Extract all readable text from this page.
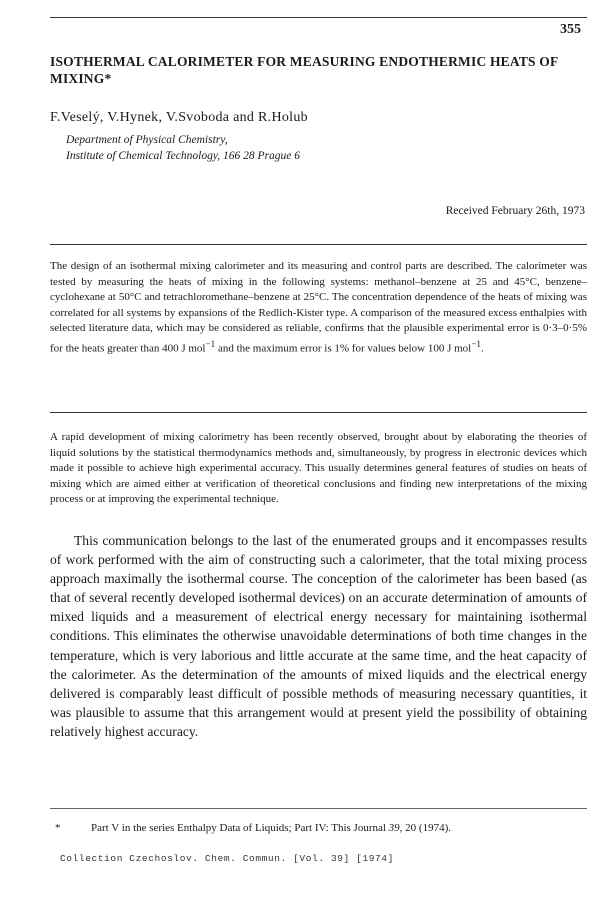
355
ISOTHERMAL CALORIMETER FOR MEASURING ENDOTHERMIC HEATS OF MIXING*
F.Veselý, V.Hynek, V.Svoboda and R.Holub
Department of Physical Chemistry,
Institute of Chemical Technology, 166 28 Prague 6
Received February 26th, 1973
The design of an isothermal mixing calorimeter and its measuring and control parts are described. The calorimeter was tested by measuring the heats of mixing in the following systems: methanol–benzene at 25 and 45°C, benzene–cyclohexane at 50°C and tetrachloromethane–benzene at 25°C. The concentration dependence of the heats of mixing was correlated for all systems by expansions of the Redlich-Kister type. A comparison of the measured excess enthalpies with selected literature data, which may be considered as reliable, confirms that the plausible experimental error is 0·3–0·5% for the heats greater than 400 J mol$^{-1}$ and the maximum error is 1% for values below 100 J mol$^{-1}$.
A rapid development of mixing calorimetry has been recently observed, brought about by elaborating the theories of liquid solutions by the statistical thermodynamics methods and, simultaneously, by progress in electronic devices which made it possible to achieve high experimental accuracy. This usually determines general features of studies on heats of mixing which are aimed either at verification of theoretical conclusions and finding new interpretations of the mixing process or at improving the experimental technique.
This communication belongs to the last of the enumerated groups and it encompasses results of work performed with the aim of constructing such a calorimeter, that the total mixing process approach maximally the isothermal course. The conception of the calorimeter has been based (as that of several recently developed isothermal devices) on an accurate determination of amounts of mixed liquids and a measurement of electrical energy necessary for maintaining isothermal conditions. This eliminates the otherwise unavoidable determinations of both time changes in the temperature, which is very laborious and little accurate at the same time, and the heat capacity of the calorimeter. As the determination of the amounts of mixed liquids and the electrical energy delivered is comparably least difficult of possible methods of measuring necessary quantities, it was plausible to assume that this arrangement would at present yield the possibility of obtaining relatively highest accuracy.
*	Part V in the series Enthalpy Data of Liquids; Part IV: This Journal 39, 20 (1974).
Collection Czechoslov. Chem. Commun. [Vol. 39] [1974]
